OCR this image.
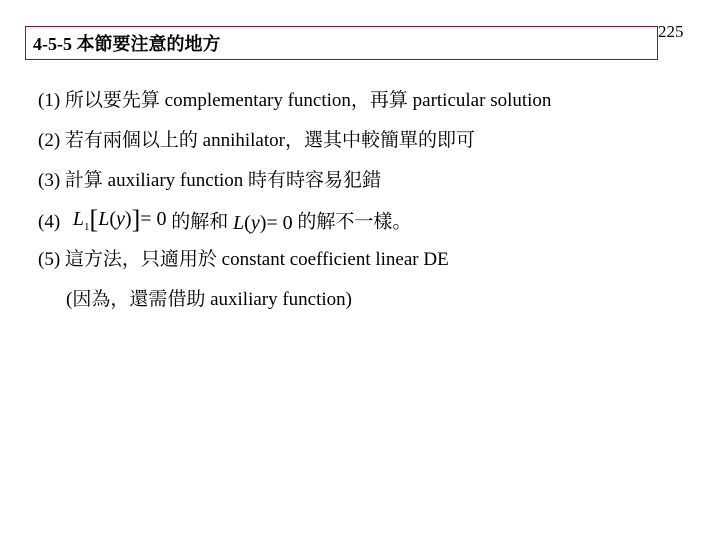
225
4-5-5 本節要注意的地方
(1) 所以要先算 complementary function，再算 particular solution
(2) 若有兩個以上的 annihilator，選其中較簡單的即可
(3) 計算 auxiliary function 時有時容易犯錯
(4) $L_1[L(y)]= 0$ 的解和 L(y)= 0 的解不一樣。
(5) 這方法，只適用於 constant coefficient linear DE
(因為，還需借助 auxiliary function)
